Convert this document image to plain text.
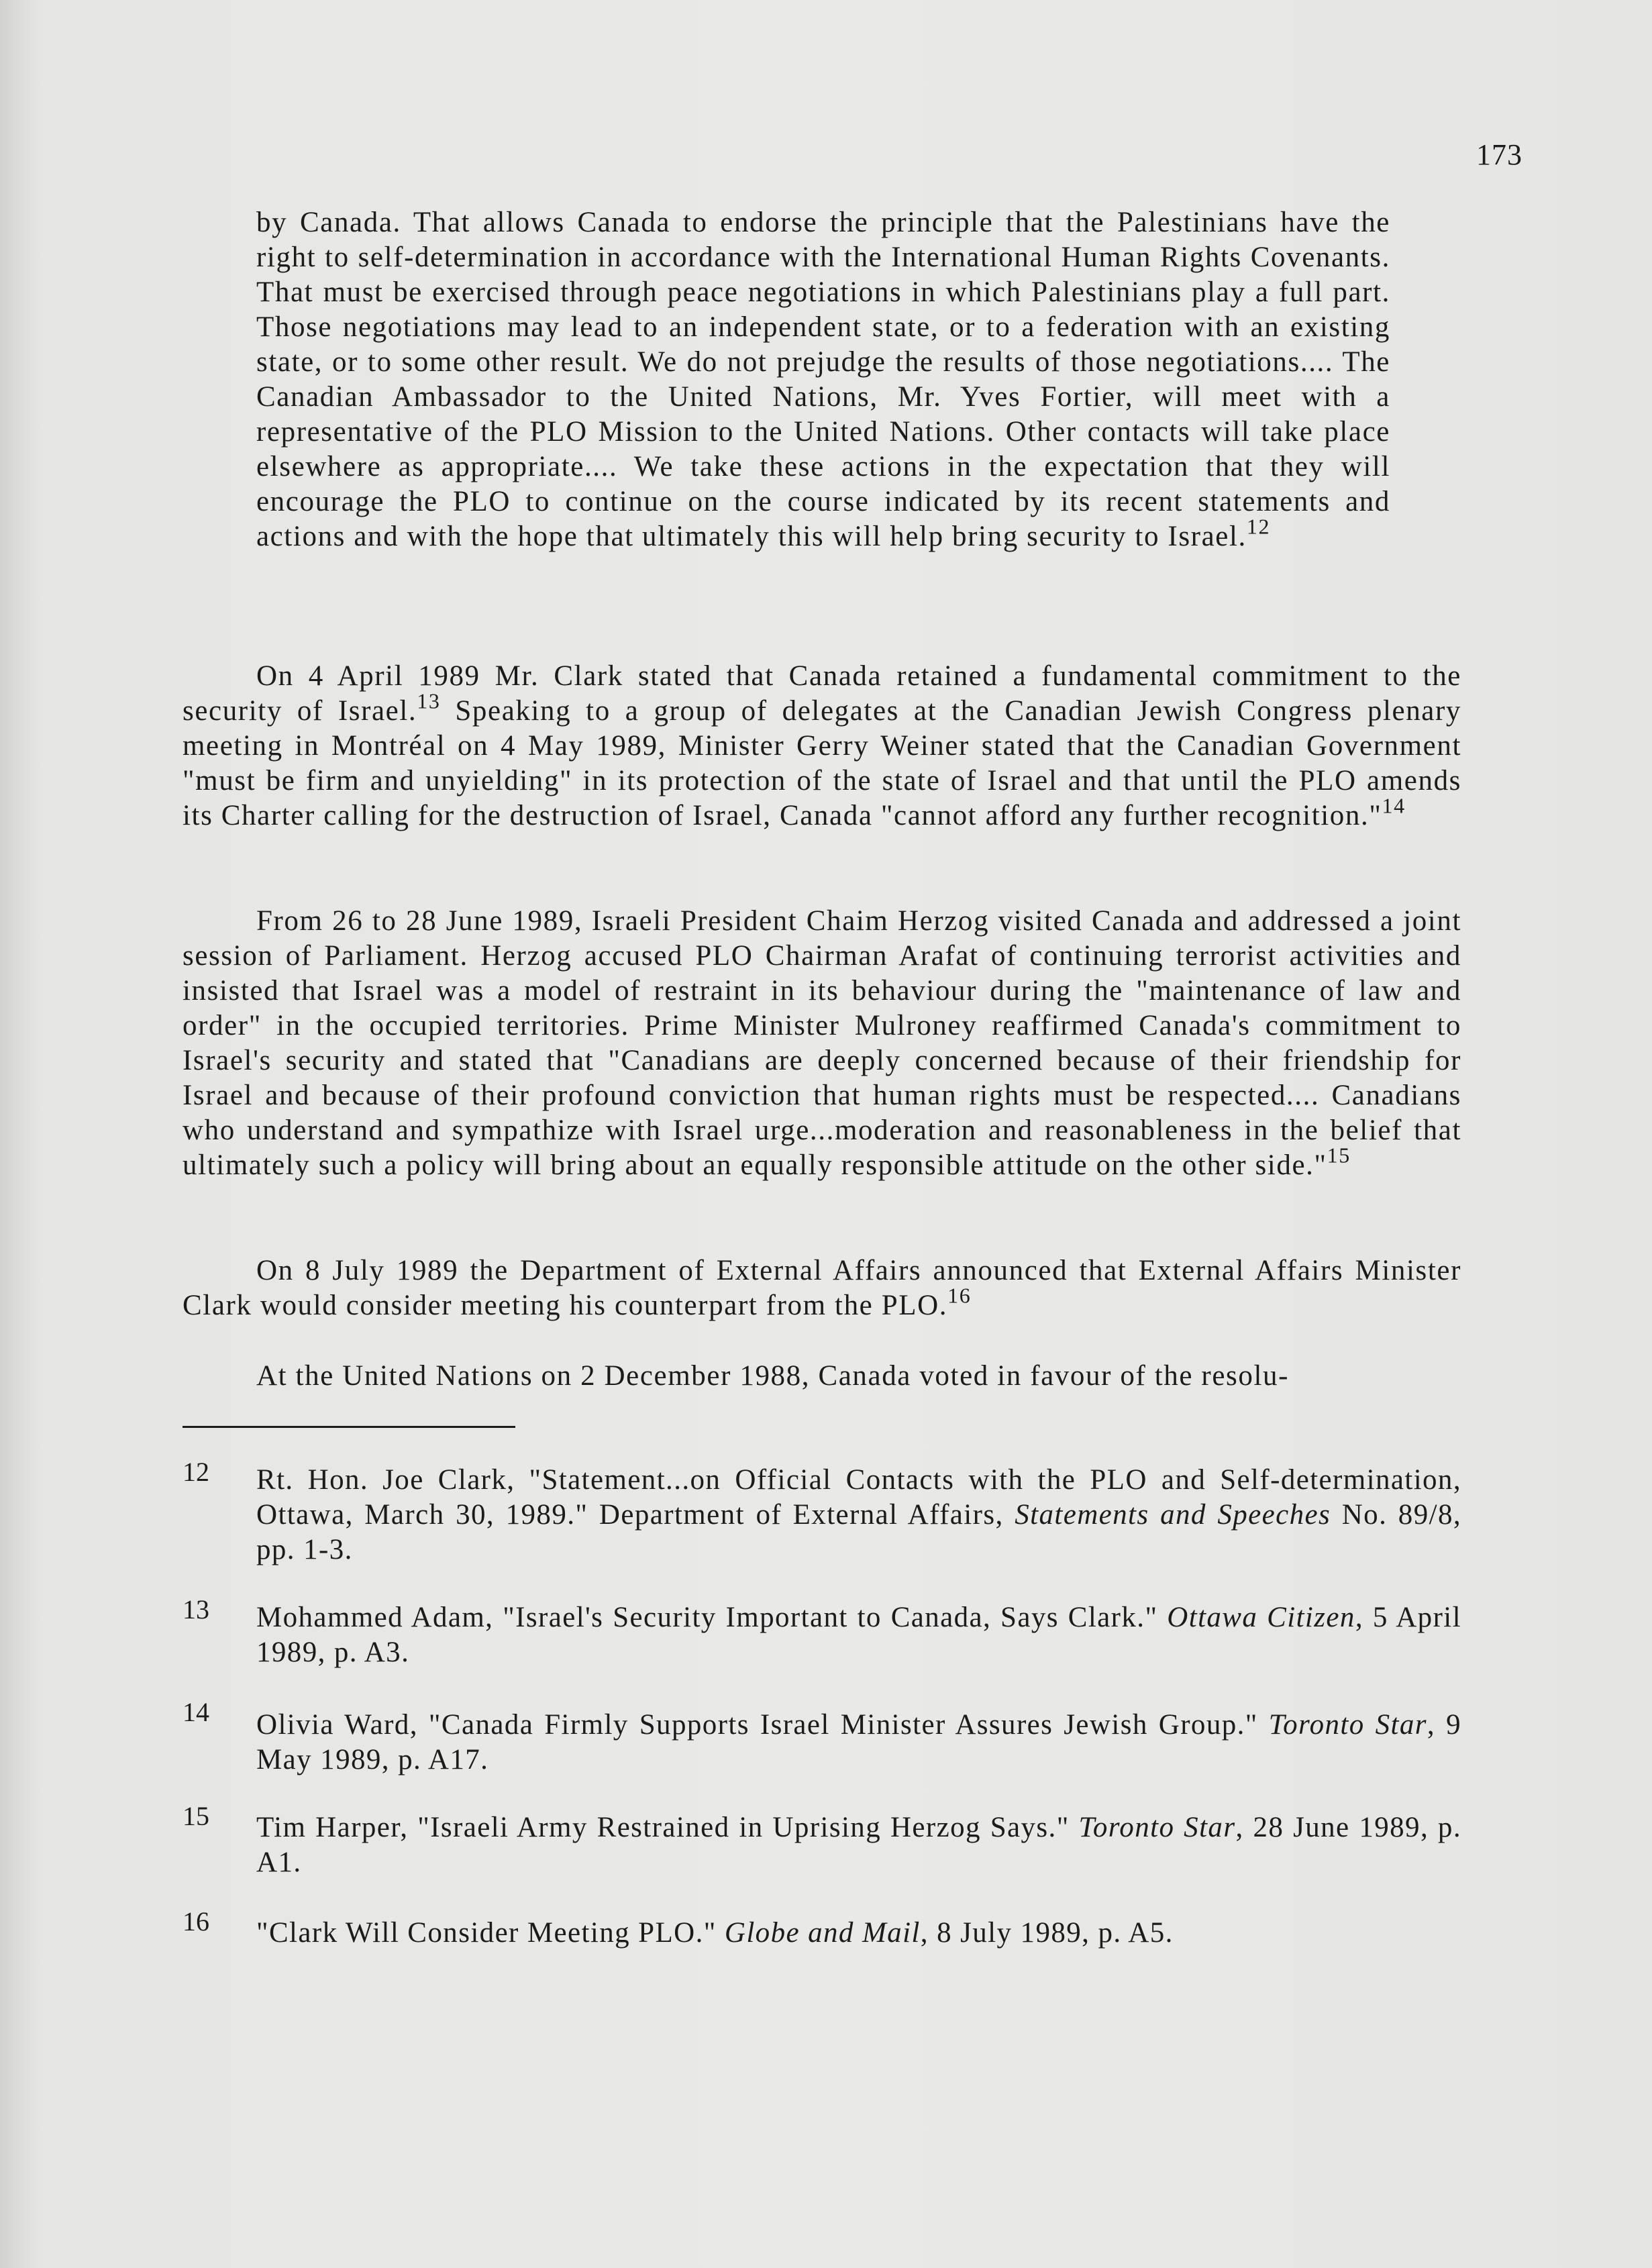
173

by Canada. That allows Canada to endorse the principle that the Palestinians have the right to self-determination in accordance with the International Human Rights Covenants. That must be exercised through peace negotiations in which Palestinians play a full part. Those negotiations may lead to an independent state, or to a federation with an existing state, or to some other result. We do not prejudge the results of those negotiations.... The Canadian Ambassador to the United Nations, Mr. Yves Fortier, will meet with a representative of the PLO Mission to the United Nations. Other contacts will take place elsewhere as appropriate.... We take these actions in the expectation that they will encourage the PLO to continue on the course indicated by its recent statements and actions and with the hope that ultimately this will help bring security to Israel.$^{12}$

On 4 April 1989 Mr. Clark stated that Canada retained a fundamental commitment to the security of Israel.$^{13}$ Speaking to a group of delegates at the Canadian Jewish Congress plenary meeting in Montréal on 4 May 1989, Minister Gerry Weiner stated that the Canadian Government "must be firm and unyielding" in its protection of the state of Israel and that until the PLO amends its Charter calling for the destruction of Israel, Canada "cannot afford any further recognition."$^{14}$

From 26 to 28 June 1989, Israeli President Chaim Herzog visited Canada and addressed a joint session of Parliament. Herzog accused PLO Chairman Arafat of continuing terrorist activities and insisted that Israel was a model of restraint in its behaviour during the "maintenance of law and order" in the occupied territories. Prime Minister Mulroney reaffirmed Canada's commitment to Israel's security and stated that "Canadians are deeply concerned because of their friendship for Israel and because of their profound conviction that human rights must be respected.... Canadians who understand and sympathize with Israel urge...moderation and reasonableness in the belief that ultimately such a policy will bring about an equally responsible attitude on the other side."$^{15}$

On 8 July 1989 the Department of External Affairs announced that External Affairs Minister Clark would consider meeting his counterpart from the PLO.$^{16}$

At the United Nations on 2 December 1988, Canada voted in favour of the resolu-

12 Rt. Hon. Joe Clark, "Statement...on Official Contacts with the PLO and Self-determination, Ottawa, March 30, 1989." Department of External Affairs, Statements and Speeches No. 89/8, pp. 1-3.

13 Mohammed Adam, "Israel's Security Important to Canada, Says Clark." Ottawa Citizen, 5 April 1989, p. A3.

14 Olivia Ward, "Canada Firmly Supports Israel Minister Assures Jewish Group." Toronto Star, 9 May 1989, p. A17.

15 Tim Harper, "Israeli Army Restrained in Uprising Herzog Says." Toronto Star, 28 June 1989, p. A1.

16 "Clark Will Consider Meeting PLO." Globe and Mail, 8 July 1989, p. A5.
